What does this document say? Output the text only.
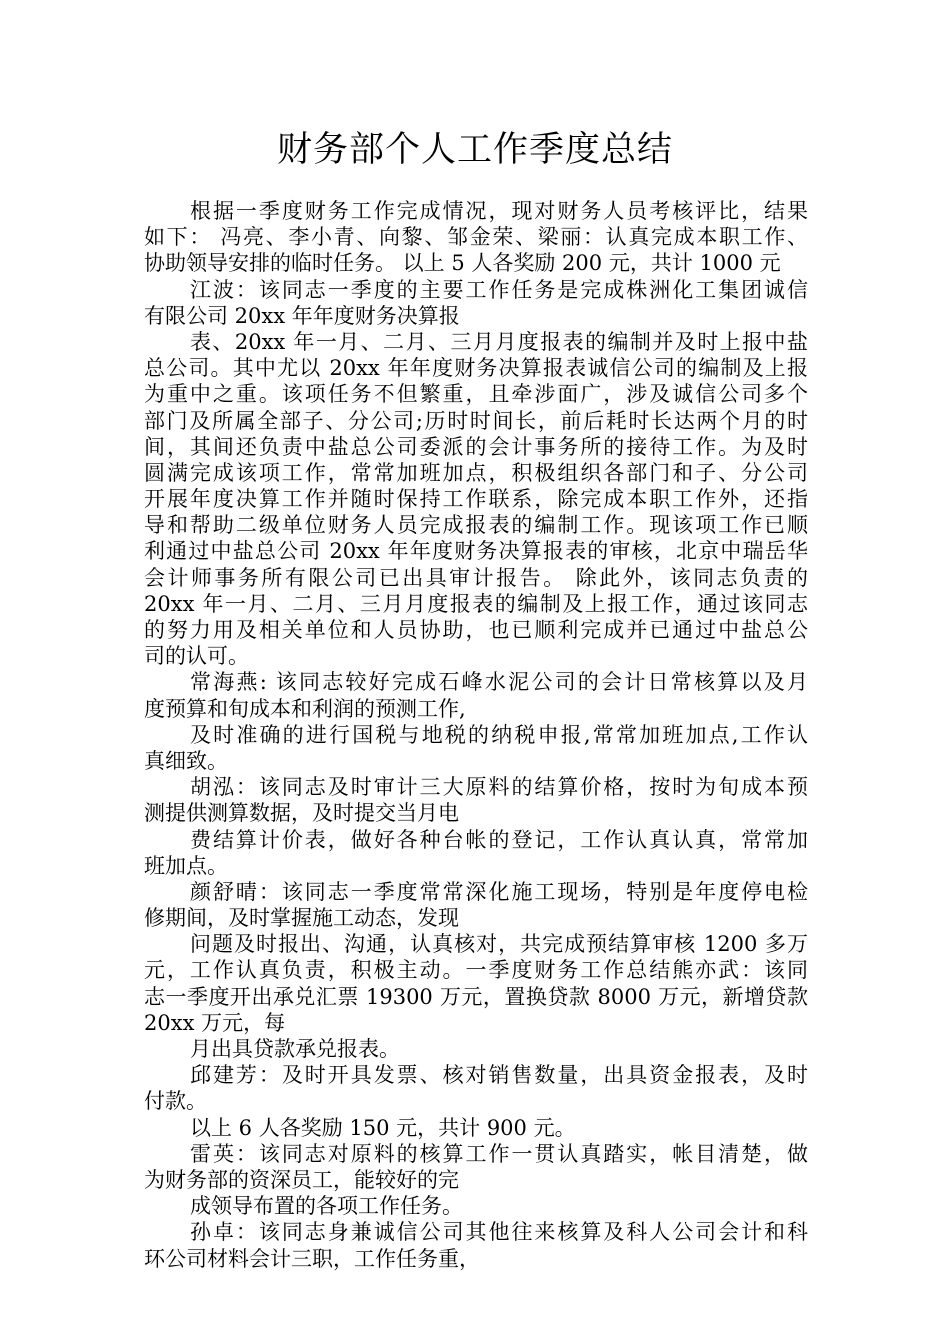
财务部个人工作季度总结
根据一季度财务工作完成情况，现对财务人员考核评比，结果
如下： 冯亮、李小青、向黎、邹金荣、梁丽：认真完成本职工作、
协助领导安排的临时任务。 以上 5 人各奖励 200 元，共计 1000 元
江波：该同志一季度的主要工作任务是完成株洲化工集团诚信
有限公司 20xx 年年度财务决算报
表、20xx 年一月、二月、三月月度报表的编制并及时上报中盐
总公司。其中尤以 20xx 年年度财务决算报表诚信公司的编制及上报
为重中之重。该项任务不但繁重，且牵涉面广，涉及诚信公司多个
部门及所属全部子、分公司;历时时间长，前后耗时长达两个月的时
间，其间还负责中盐总公司委派的会计事务所的接待工作。为及时
圆满完成该项工作，常常加班加点，积极组织各部门和子、分公司
开展年度决算工作并随时保持工作联系，除完成本职工作外，还指
导和帮助二级单位财务人员完成报表的编制工作。现该项工作已顺
利通过中盐总公司 20xx 年年度财务决算报表的审核，北京中瑞岳华
会计师事务所有限公司已出具审计报告。 除此外，该同志负责的
20xx 年一月、二月、三月月度报表的编制及上报工作，通过该同志
的努力用及相关单位和人员协助，也已顺利完成并已通过中盐总公
司的认可。
常海燕: 该同志较好完成石峰水泥公司的会计日常核算以及月
度预算和旬成本和利润的预测工作,
及时准确的进行国税与地税的纳税申报,常常加班加点,工作认
真细致。
胡泓：该同志及时审计三大原料的结算价格，按时为旬成本预
测提供测算数据，及时提交当月电
费结算计价表，做好各种台帐的登记，工作认真认真，常常加
班加点。
颜舒晴：该同志一季度常常深化施工现场，特别是年度停电检
修期间，及时掌握施工动态，发现
问题及时报出、沟通，认真核对，共完成预结算审核 1200 多万
元，工作认真负责，积极主动。一季度财务工作总结熊亦武：该同
志一季度开出承兑汇票 19300 万元，置换贷款 8000 万元，新增贷款
20xx 万元，每
月出具贷款承兑报表。
邱建芳：及时开具发票、核对销售数量，出具资金报表，及时
付款。
以上 6 人各奖励 150 元，共计 900 元。
雷英：该同志对原料的核算工作一贯认真踏实，帐目清楚，做
为财务部的资深员工，能较好的完
成领导布置的各项工作任务。
孙卓：该同志身兼诚信公司其他往来核算及科人公司会计和科
环公司材料会计三职，工作任务重，
